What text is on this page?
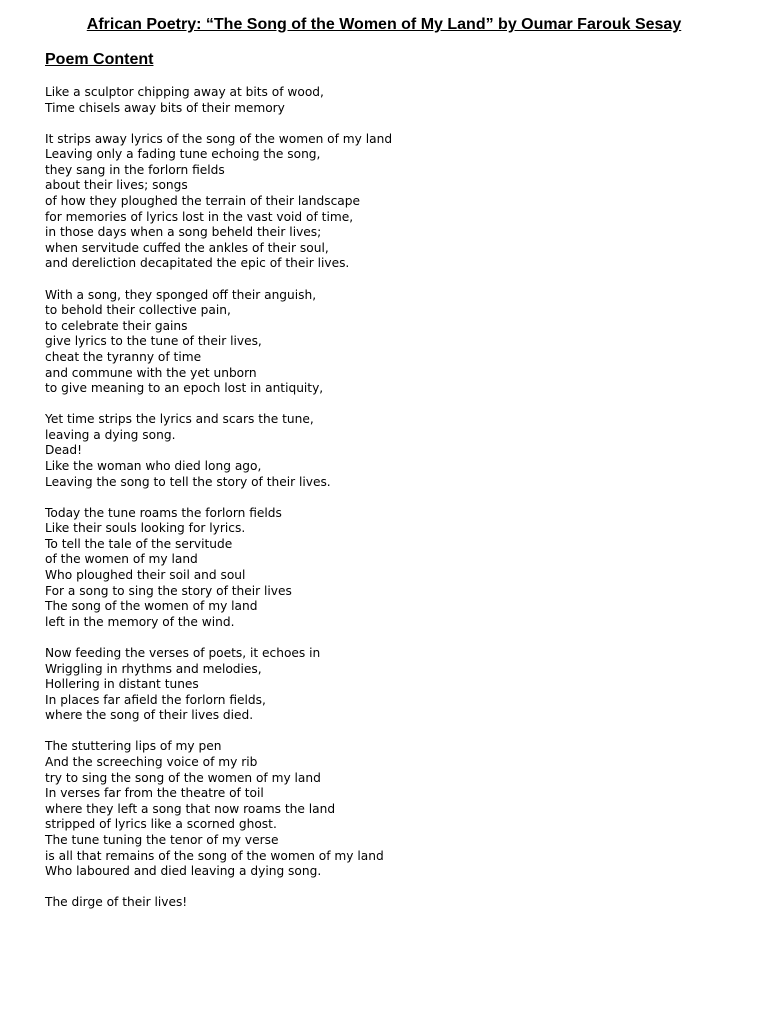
African Poetry: “The Song of the Women of My Land” by Oumar Farouk Sesay
Poem Content
Like a sculptor chipping away at bits of wood,
Time chisels away bits of their memory
It strips away lyrics of the song of the women of my land
Leaving only a fading tune echoing the song,
they sang in the forlorn fields
about their lives; songs
of how they ploughed the terrain of their landscape
for memories of lyrics lost in the vast void of time,
in those days when a song beheld their lives;
when servitude cuffed the ankles of their soul,
and dereliction decapitated the epic of their lives.
With a song, they sponged off their anguish,
to behold their collective pain,
to celebrate their gains
give lyrics to the tune of their lives,
cheat the tyranny of time
and commune with the yet unborn
to give meaning to an epoch lost in antiquity,
Yet time strips the lyrics and scars the tune,
leaving a dying song.
Dead!
Like the woman who died long ago,
Leaving the song to tell the story of their lives.
Today the tune roams the forlorn fields
Like their souls looking for lyrics.
To tell the tale of the servitude
of the women of my land
Who ploughed their soil and soul
For a song to sing the story of their lives
The song of the women of my land
left in the memory of the wind.
Now feeding the verses of poets, it echoes in
Wriggling in rhythms and melodies,
Hollering in distant tunes
In places far afield the forlorn fields,
where the song of their lives died.
The stuttering lips of my pen
And the screeching voice of my rib
try to sing the song of the women of my land
In verses far from the theatre of toil
where they left a song that now roams the land
stripped of lyrics like a scorned ghost.
The tune tuning the tenor of my verse
is all that remains of the song of the women of my land
Who laboured and died leaving a dying song.
The dirge of their lives!
